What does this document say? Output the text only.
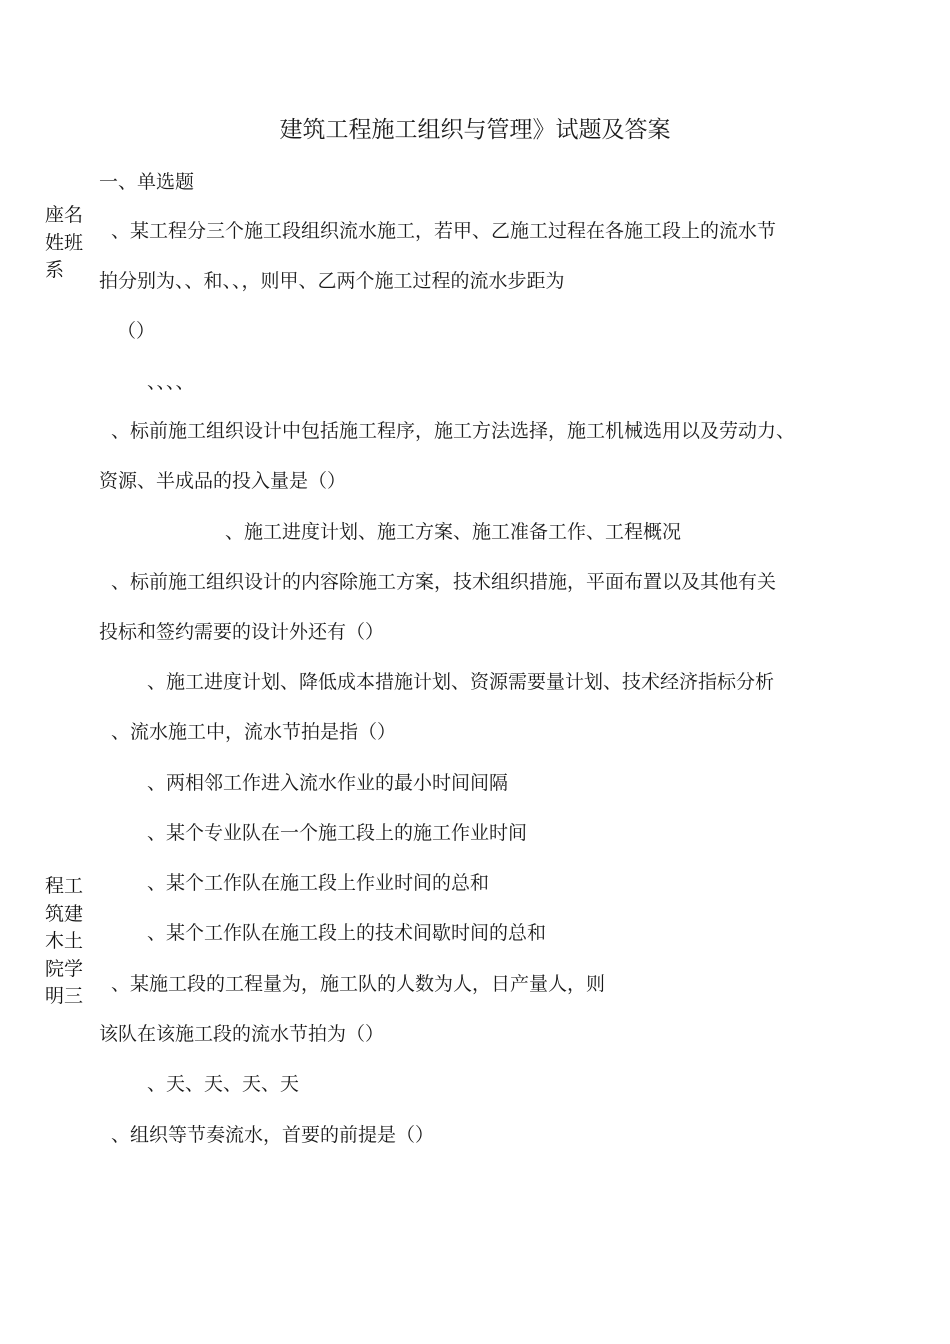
建筑工程施工组织与管理》试题及答案
一、单选题
座名
姓班
系
程工
筑建
木土
院学
明三
、某工程分三个施工段组织流水施工，若甲、乙施工过程在各施工段上的流水节
拍分别为、、和、、，则甲、乙两个施工过程的流水步距为
（）
、、、、
、标前施工组织设计中包括施工程序，施工方法选择，施工机械选用以及劳动力、
资源、半成品的投入量是（）
、施工进度计划、施工方案、施工准备工作、工程概况
、标前施工组织设计的内容除施工方案，技术组织措施，平面布置以及其他有关
投标和签约需要的设计外还有（）
、施工进度计划、降低成本措施计划、资源需要量计划、技术经济指标分析
、流水施工中，流水节拍是指（）
、两相邻工作进入流水作业的最小时间间隔
、某个专业队在一个施工段上的施工作业时间
、某个工作队在施工段上作业时间的总和
、某个工作队在施工段上的技术间歇时间的总和
、某施工段的工程量为，施工队的人数为人，日产量人，则
该队在该施工段的流水节拍为（）
、天、天、天、天
、组织等节奏流水，首要的前提是（）
